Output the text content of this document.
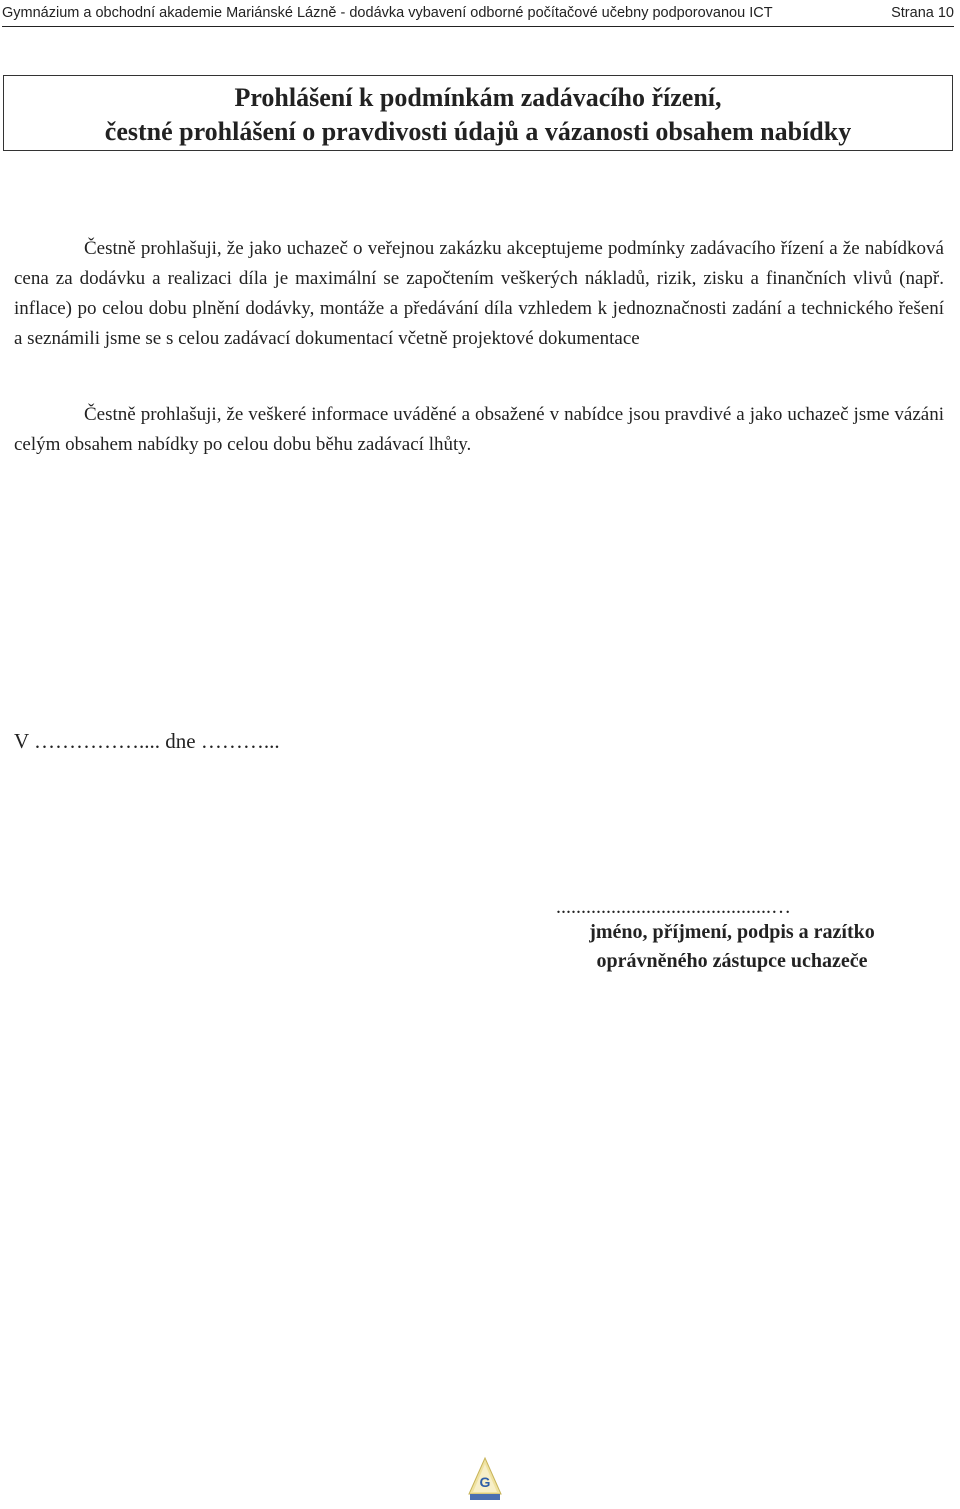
Gymnázium a obchodní akademie Mariánské Lázně - dodávka vybavení odborné počítačové učebny podporovanou ICT	Strana 10
Prohlášení k podmínkám zadávacího řízení,
čestné prohlášení o pravdivosti údajů a vázanosti obsahem nabídky
Čestně prohlašuji, že jako uchazeč o veřejnou zakázku akceptujeme podmínky zadávacího řízení a že nabídková cena za dodávku a realizaci díla je maximální se započtením veškerých nákladů, rizik, zisku a finančních vlivů (např. inflace) po celou dobu plnění dodávky, montáže a předávání díla vzhledem k jednoznačnosti zadání a technického řešení a seznámili jsme se s celou zadávací dokumentací včetně projektové dokumentace
Čestně prohlašuji, že veškeré informace uváděné a obsažené v nabídce jsou pravdivé a jako uchazeč jsme vázáni celým obsahem nabídky po celou dobu běhu zadávací lhůty.
V …………….... dne ………...
...........................................…
jméno, příjmení, podpis a razítko
oprávněného zástupce uchazeče
G
